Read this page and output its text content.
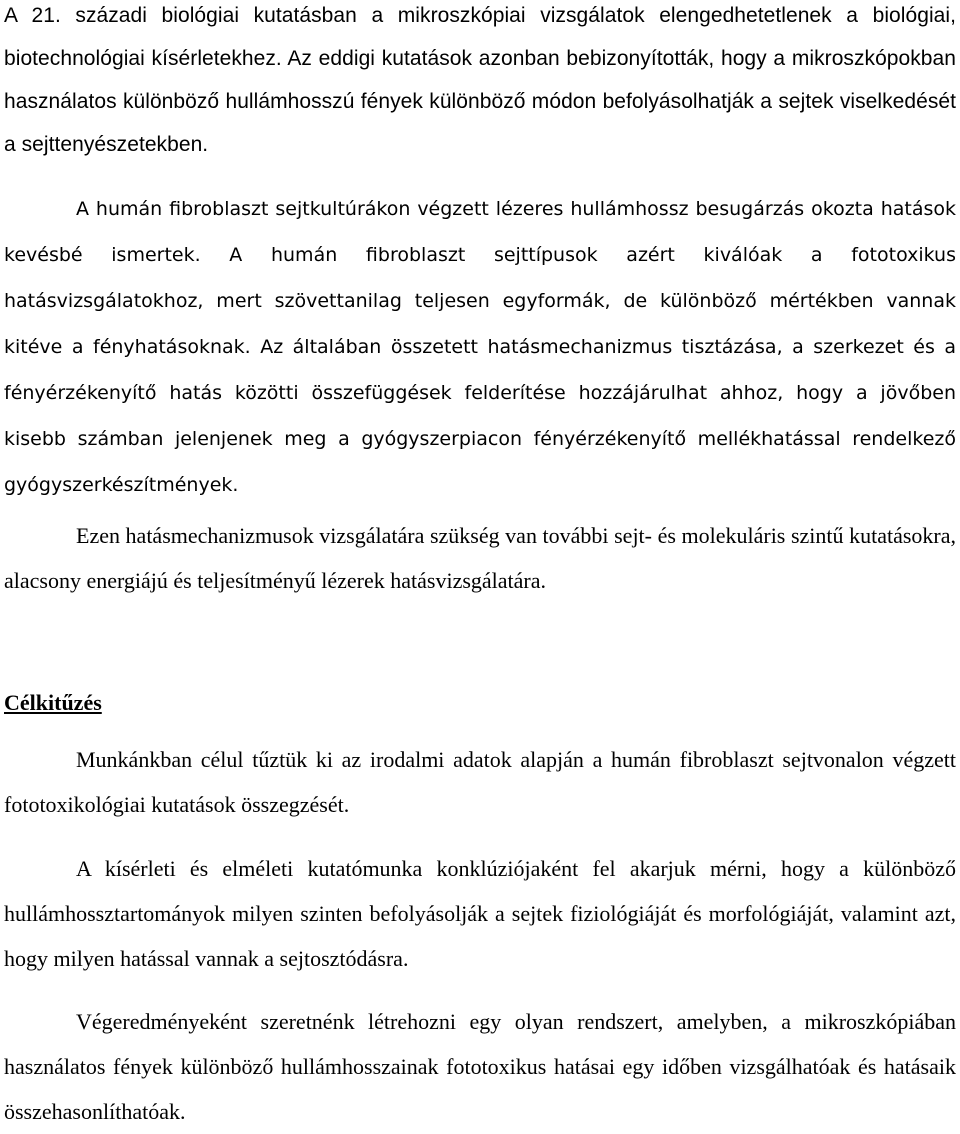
A 21. századi biológiai kutatásban a mikroszkópiai vizsgálatok elengedhetetlenek a biológiai, biotechnológiai kísérletekhez. Az eddigi kutatások azonban bebizonyították, hogy a mikroszkópokban használatos különböző hullámhosszú fények különböző módon befolyásolhatják a sejtek viselkedését a sejttenyészetekben.

A humán fibroblaszt sejtkultúrákon végzett lézeres hullámhossz besugárzás okozta hatások kevésbé ismertek. A humán fibroblaszt sejttípusok azért kiválóak a fototoxikus hatásvizsgálatokhoz, mert szövettanilag teljesen egyformák, de különböző mértékben vannak kitéve a fényhatásoknak. Az általában összetett hatásmechanizmus tisztázása, a szerkezet és a fényérzékenyítő hatás közötti összefüggések felderítése hozzájárulhat ahhoz, hogy a jövőben kisebb számban jelenjenek meg a gyógyszerpiacon fényérzékenyítő mellékhatással rendelkező gyógyszerkészítmények.

Ezen hatásmechanizmusok vizsgálatára szükség van további sejt- és molekuláris szintű kutatásokra, alacsony energiájú és teljesítményű lézerek hatásvizsgálatára.

Célkitűzés

Munkánkban célul tűztük ki az irodalmi adatok alapján a humán fibroblaszt sejtvonalon végzett fototoxikológiai kutatások összegzését.

A kísérleti és elméleti kutatómunka konklúziójaként fel akarjuk mérni, hogy a különböző hullámhossztartományok milyen szinten befolyásolják a sejtek fiziológiáját és morfológiáját, valamint azt, hogy milyen hatással vannak a sejtosztódásra.

Végeredményeként szeretnénk létrehozni egy olyan rendszert, amelyben, a mikroszkópiában használatos fények különböző hullámhosszainak fototoxikus hatásai egy időben vizsgálhatóak és hatásaik összehasonlíthatóak.
